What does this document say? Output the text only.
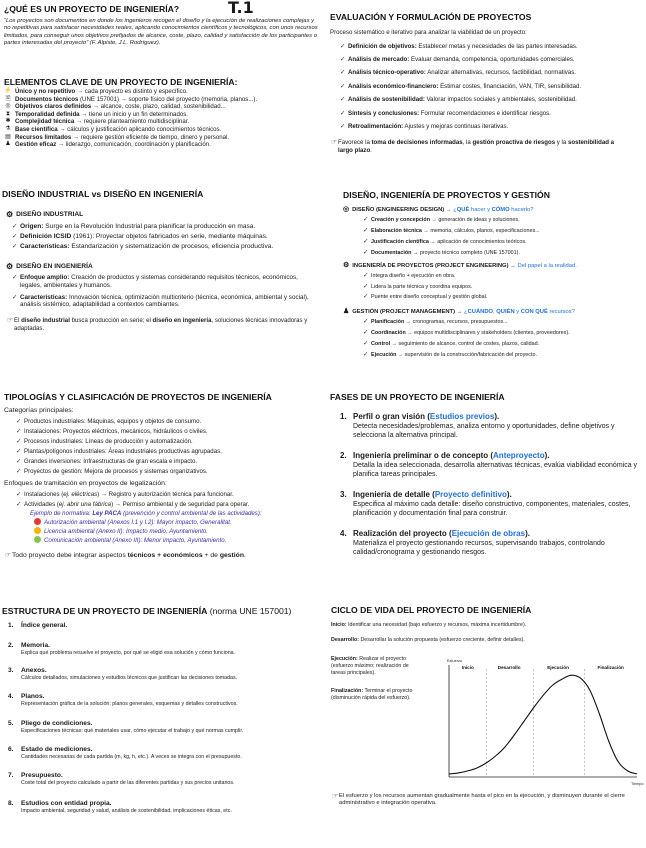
T.1
¿QUÉ ES UN PROYECTO DE INGENIERÍA?
“Los proyectos son documentos en donde los ingenieros recogen el diseño y la ejecución de realizaciones complejas y no repetitivas para satisfacer necesidades reales, aplicando conocimientos científicos y tecnológicos, con unos recursos limitados, para conseguir unos objetivos prefijados de alcance, coste, plazo, calidad y satisfacción de los participantes o partes interesadas del proyecto” (F. Alpiste, J.L. Rodríguez).
ELEMENTOS CLAVE DE UN PROYECTO DE INGENIERÍA:
⚡ Único y no repetitivo → cada proyecto es distinto y específico.
🗎 Documentos técnicos (UNE 157001) → soporte físico del proyecto (memoria, planos...).
◎ Objetivos claros definidos → alcance, coste, plazo, calidad, sostenibilidad...
⧗ Temporalidad definida → tiene un inicio y un fin determinados.
✱ Complejidad técnica → requiere planteamiento multidisciplinar.
⚗ Base científica → cálculos y justificación aplicando conocimientos técnicos.
▤ Recursos limitados → requiere gestión eficiente de tiempo, dinero y personal.
♟ Gestión eficaz → liderazgo, comunicación, coordinación y planificación.
DISEÑO INDUSTRIAL vs DISEÑO EN INGENIERÍA
⚙ DISEÑO INDUSTRIAL
✓ Origen: Surge en la Revolución Industrial para planificar la producción en masa.
✓ Definición ICSID (1961): Proyectar objetos fabricados en serie, mediante máquinas.
✓ Características: Estandarización y sistematización de procesos, eficiencia productiva.
⚙ DISEÑO EN INGENIERÍA
✓ Enfoque amplio: Creación de productos y sistemas considerando requisitos técnicos, económicos, legales, ambientales y humanos.
✓ Características: Innovación técnica, optimización multicriterio (técnica, económica, ambiental y social), análisis sistémico, adaptabilidad a contextos cambiantes.
☞ El diseño industrial busca producción en serie; el diseño en ingeniería, soluciones técnicas innovadoras y adaptadas.
TIPOLOGÍAS Y CLASIFICACIÓN DE PROYECTOS DE INGENIERÍA
Categorías principales:
✓ Productos industriales: Máquinas, equipos y objetos de consumo.
✓ Instalaciones: Proyectos eléctricos, mecánicos, hidráulicos o civiles.
✓ Procesos industriales: Líneas de producción y automatización.
✓ Plantas/polígonos industriales: Áreas industriales productivas agrupadas.
✓ Grandes inversiones: Infraestructuras de gran escala e impacto.
✓ Proyectos de gestión: Mejora de procesos y sistemas organizativos.
Enfoques de tramitación en proyectos de legalización:
✓ Instalaciones (ej. eléctricas) → Registro y autorización técnica para funcionar.
✓ Actividades (ej. abrir una fábrica) → Permiso ambiental y de seguridad para operar.
Ejemplo de normativa: Ley PACA (prevención y control ambiental de las actividades):
Autorización ambiental (Anexos I.1 y I.2): Mayor impacto, Generalitat.
Licencia ambiental (Anexo II): Impacto medio, Ayuntamiento.
Comunicación ambiental (Anexo III): Menor impacto, Ayuntamiento.
☞ Todo proyecto debe integrar aspectos técnicos + económicos + de gestión.
ESTRUCTURA DE UN PROYECTO DE INGENIERÍA (norma UNE 157001)
1. Índice general.
2. Memoria.
Explica qué problema resuelve el proyecto, por qué se eligió esa solución y cómo funciona.
3. Anexos.
Cálculos detallados, simulaciones y estudios técnicos que justifican las decisiones tomadas.
4. Planos.
Representación gráfica de la solución: planos generales, esquemas y detalles constructivos.
5. Pliego de condiciones.
Especificaciones técnicas: qué materiales usar, cómo ejecutar el trabajo y qué normas cumplir.
6. Estado de mediciones.
Cantidades necesarias de cada partida (m, kg, h, etc.). A veces se integra con el presupuesto.
7. Presupuesto.
Coste total del proyecto calculado a partir de las diferentes partidas y sus precios unitarios.
8. Estudios con entidad propia.
Impacto ambiental, seguridad y salud, análisis de sostenibilidad, implicaciones éticas, etc.
EVALUACIÓN Y FORMULACIÓN DE PROYECTOS
Proceso sistemático e iterativo para analizar la viabilidad de un proyecto:
✓ Definición de objetivos: Establecer metas y necesidades de las partes interesadas.
✓ Análisis de mercado: Evaluar demanda, competencia, oportunidades comerciales.
✓ Análisis técnico-operativo: Analizar alternativas, recursos, factibilidad, normativas.
✓ Análisis económico-financiero: Estimar costes, financiación, VAN, TIR, sensibilidad.
✓ Análisis de sostenibilidad: Valorar impactos sociales y ambientales, sostenibilidad.
✓ Síntesis y conclusiones: Formular recomendaciones e identificar riesgos.
✓ Retroalimentación: Ajustes y mejoras continuas iterativas.
☞ Favorece la toma de decisiones informadas, la gestión proactiva de riesgos y la sostenibilidad a largo plazo.
DISEÑO, INGENIERÍA DE PROYECTOS Y GESTIÓN
◎ DISEÑO (ENGINEERING DESIGN) → ¿QUÉ hacer y CÓMO hacerlo?
✓ Creación y concepción → generación de ideas y soluciones.
✓ Elaboración técnica → memoria, cálculos, planos, especificaciones...
✓ Justificación científica → aplicación de conocimientos teóricos.
✓ Documentación → proyecto técnico completo (UNE 157001).
⚙ INGENIERÍA DE PROYECTOS (PROJECT ENGINEERING) → Del papel a la realidad.
✓ Integra diseño + ejecución en obra.
✓ Lidera la parte técnica y coordina equipos.
✓ Puente entre diseño conceptual y gestión global.
♟ GESTIÓN (PROJECT MANAGEMENT) → ¿CUÁNDO, QUIÉN y CON QUÉ recursos?
✓ Planificación → cronogramas, recursos, presupuestos...
✓ Coordinación → equipos multidisciplinares y stakeholders (clientes, proveedores).
✓ Control → seguimiento de alcance, control de costes, plazos, calidad.
✓ Ejecución → supervisión de la construcción/fabricación del proyecto.
FASES DE UN PROYECTO DE INGENIERÍA
1. Perfil o gran visión (Estudios previos).
Detecta necesidades/problemas, analiza entorno y oportunidades, define objetivos y selecciona la alternativa principal.
2. Ingeniería preliminar o de concepto (Anteproyecto).
Detalla la idea seleccionada, desarrolla alternativas técnicas, evalúa viabilidad económica y planifica tareas principales.
3. Ingeniería de detalle (Proyecto definitivo).
Especifica al máximo cada detalle: diseño constructivo, componentes, materiales, costes, planificación y documentación final para construir.
4. Realización del proyecto (Ejecución de obras).
Materializa el proyecto gestionando recursos, supervisando trabajos, controlando calidad/cronograma y gestionando riesgos.
CICLO DE VIDA DEL PROYECTO DE INGENIERÍA
Inicio: Identificar una necesidad (bajo esfuerzo y recursos, máxima incertidumbre).
Desarrollo: Desarrollar la solución propuesta (esfuerzo creciente, definir detalles).
Ejecución: Realizar el proyecto (esfuerzo máximo; realización de tareas principales).
Finalización: Terminar el proyecto (disminución rápida del esfuerzo).
Inicio	Desarrollo	Ejecución	Finalización
Esfuerzo
Tiempo
☞ El esfuerzo y los recursos aumentan gradualmente hasta el pico en la ejecución, y disminuyen durante el cierre administrativo e integración operativa.
